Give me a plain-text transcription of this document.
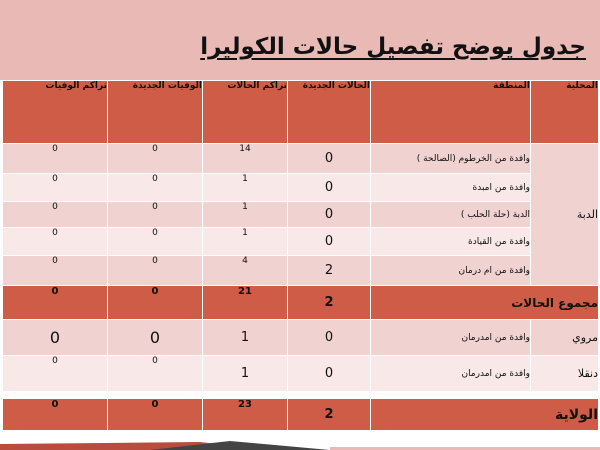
جدول يوضح تفصيل حالات الكوليرا
المحلية	المنطقة	الحالات الجديدة	تراكم الحالات	الوفيات الجديدة	تراكم الوفيات
الدبة	وافدة من الخرطوم (الصالحة )	0	14	0	0
	وافدة من امبدة	0	1	0	0
	الدبة (حلة الحلب )	0	1	0	0
	وافدة من القيادة	0	1	0	0
	وافدة من ام درمان	2	4	0	0
مجموع الحالات		2	21	0	0
مروي	وافدة من امدرمان	0	1	0	0
دنقلا	وافدة من امدرمان	0	1	0	0

الولاية		2	23	0	0
